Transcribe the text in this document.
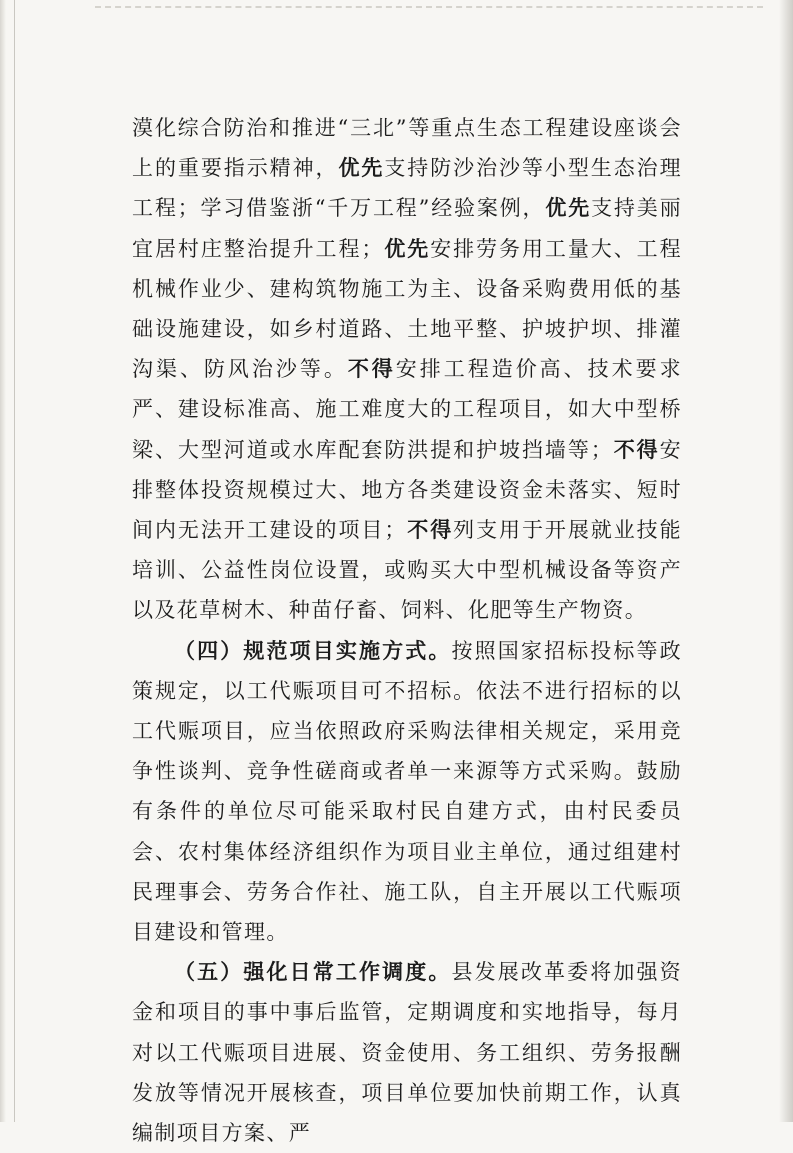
漠化综合防治和推进“三北”等重点生态工程建设座谈会上的重要指示精神，优先支持防沙治沙等小型生态治理工程；学习借鉴浙“千万工程”经验案例，优先支持美丽宜居村庄整治提升工程；优先安排劳务用工量大、工程机械作业少、建构筑物施工为主、设备采购费用低的基础设施建设，如乡村道路、土地平整、护坡护坝、排灌沟渠、防风治沙等。不得安排工程造价高、技术要求严、建设标准高、施工难度大的工程项目，如大中型桥梁、大型河道或水库配套防洪提和护坡挡墙等；不得安排整体投资规模过大、地方各类建设资金未落实、短时间内无法开工建设的项目；不得列支用于开展就业技能培训、公益性岗位设置，或购买大中型机械设备等资产以及花草树木、种苗仔畜、饲料、化肥等生产物资。

（四）规范项目实施方式。按照国家招标投标等政策规定，以工代赈项目可不招标。依法不进行招标的以工代赈项目，应当依照政府采购法律相关规定，采用竞争性谈判、竞争性磋商或者单一来源等方式采购。鼓励有条件的单位尽可能采取村民自建方式，由村民委员会、农村集体经济组织作为项目业主单位，通过组建村民理事会、劳务合作社、施工队，自主开展以工代赈项目建设和管理。

（五）强化日常工作调度。县发展改革委将加强资金和项目的事中事后监管，定期调度和实地指导，每月对以工代赈项目进展、资金使用、务工组织、劳务报酬发放等情况开展核查，项目单位要加快前期工作，认真编制项目方案、严
